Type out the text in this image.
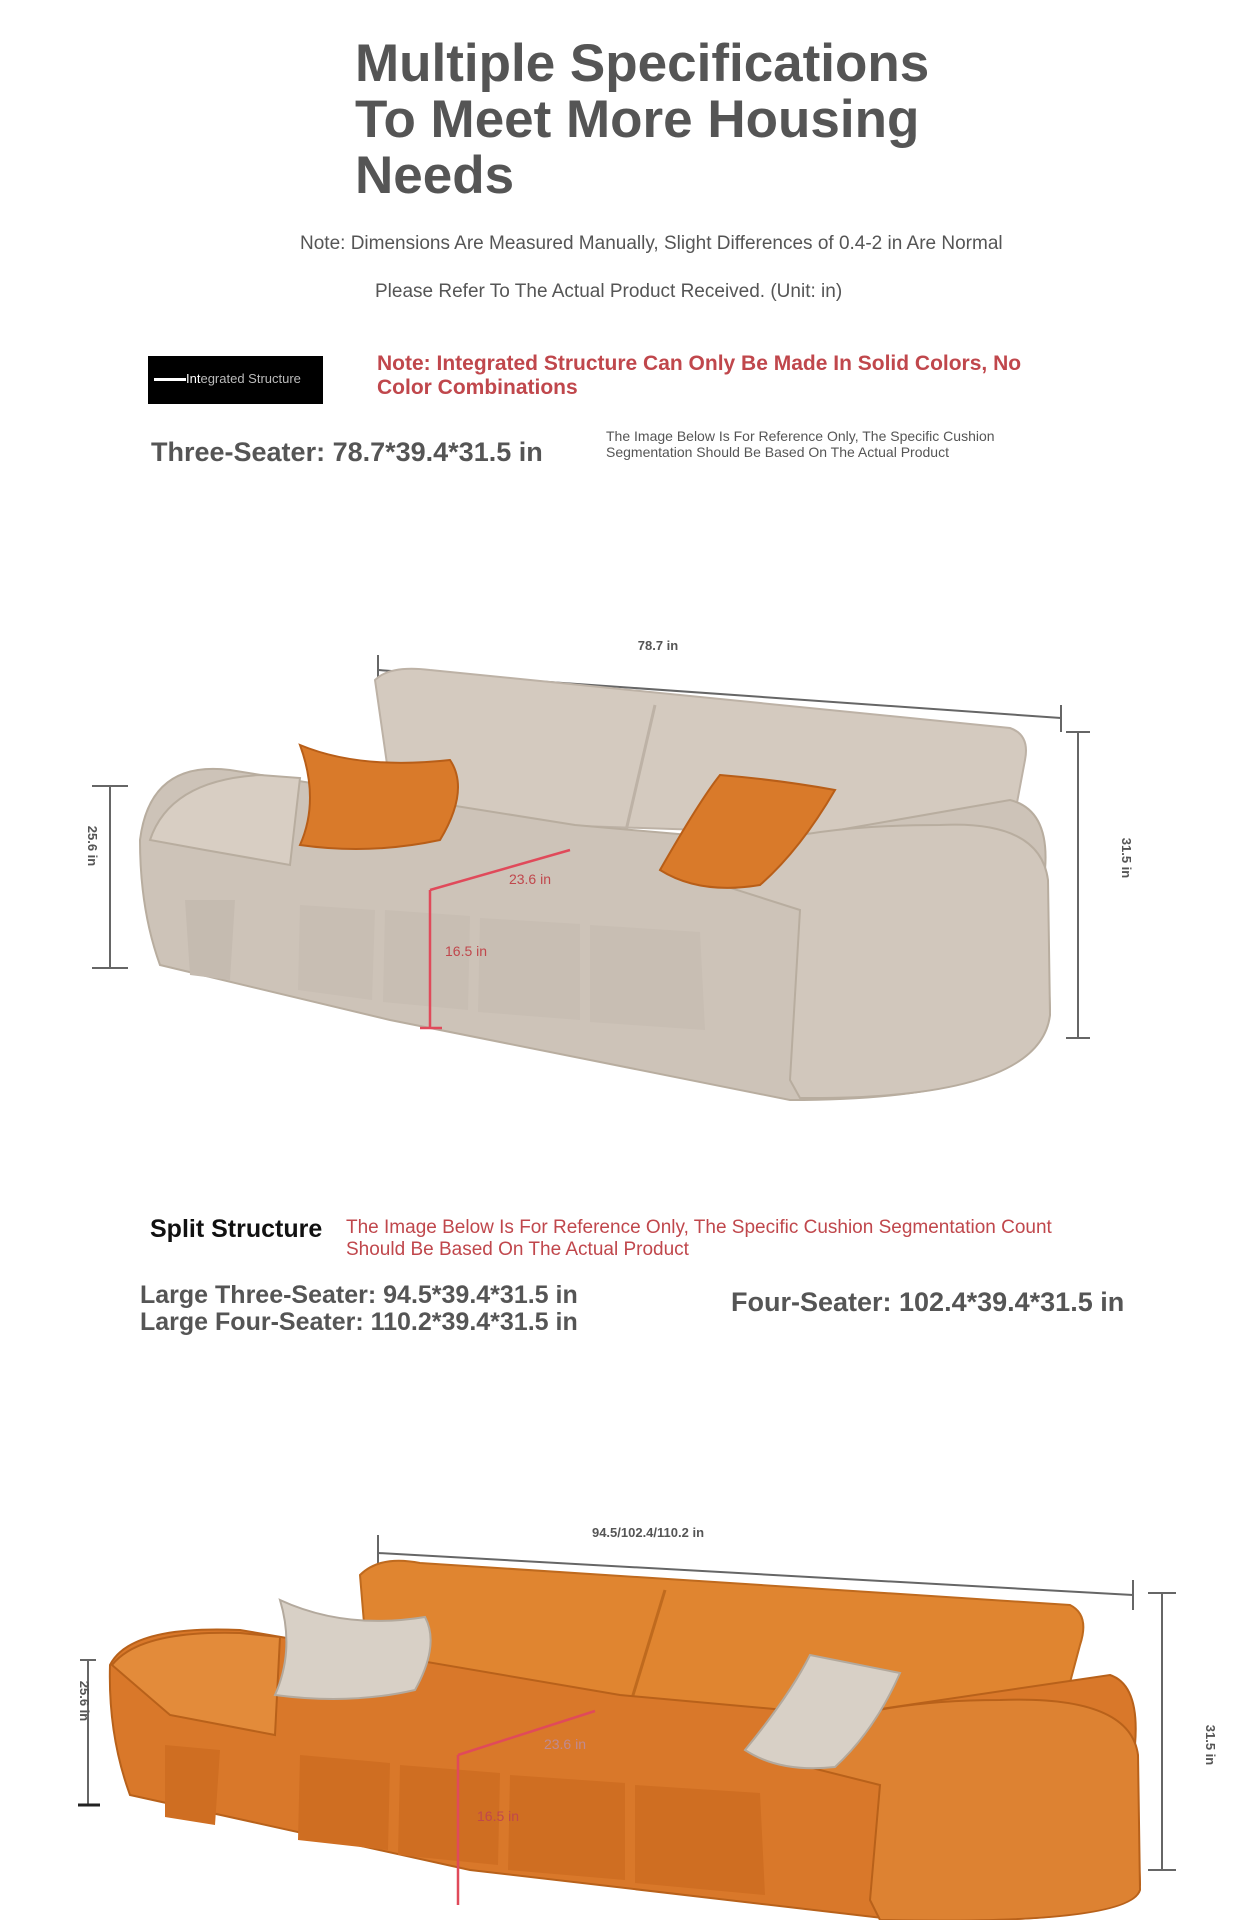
Multiple Specifications To Meet More Housing Needs
Note: Dimensions Are Measured Manually, Slight Differences of 0.4-2 in Are Normal
Please Refer To The Actual Product Received. (Unit: in)
Integrated Structure
Note: Integrated Structure Can Only Be Made In Solid Colors, No Color Combinations
Three-Seater: 78.7*39.4*31.5 in
The Image Below Is For Reference Only, The Specific Cushion Segmentation Should Be Based On The Actual Product
78.7 in
31.5 in
25.6 in
23.6 in
16.5 in
Split Structure The Image Below Is For Reference Only, The Specific Cushion Segmentation Count Should Be Based On The Actual Product
Large Three-Seater: 94.5*39.4*31.5 in Large Four-Seater: 110.2*39.4*31.5 in
Four-Seater: 102.4*39.4*31.5 in
94.5/102.4/110.2 in
31.5 in
25.6 in
23.6 in
16.5 in
